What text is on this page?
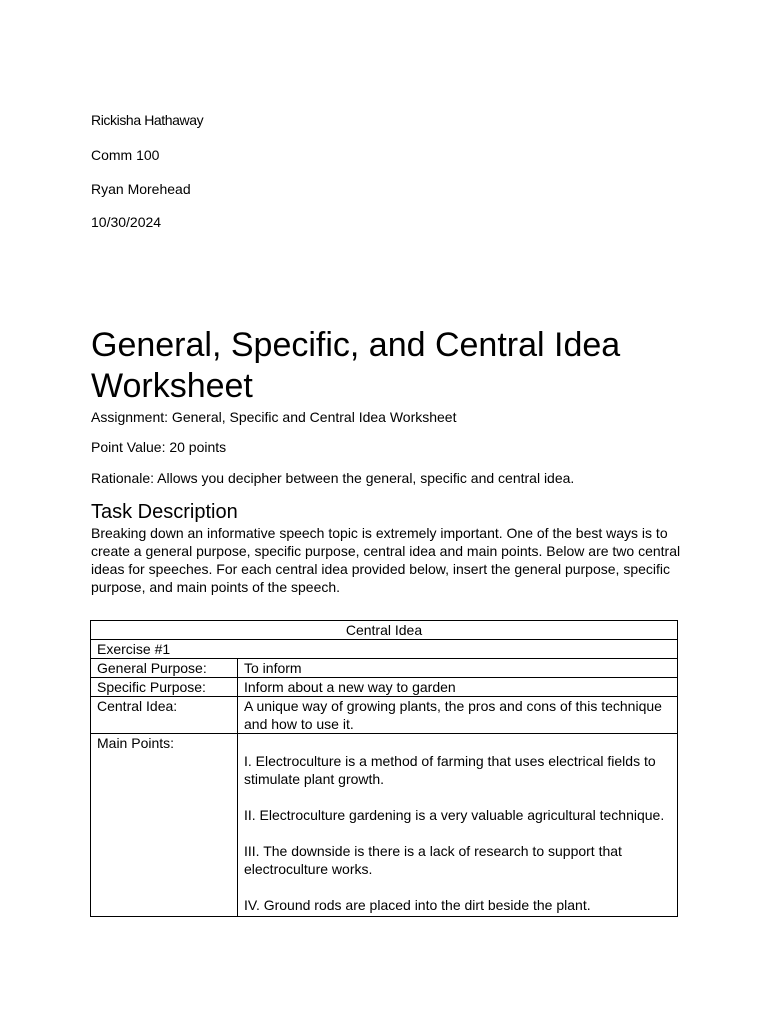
Rickisha Hathaway

Comm 100

Ryan Morehead

10/30/2024

General, Specific, and Central Idea Worksheet

Assignment: General, Specific and Central Idea Worksheet

Point Value: 20 points

Rationale: Allows you decipher between the general, specific and central idea.

Task Description

Breaking down an informative speech topic is extremely important. One of the best ways is to create a general purpose, specific purpose, central idea and main points. Below are two central ideas for speeches. For each central idea provided below, insert the general purpose, specific purpose, and main points of the speech.

Central Idea	
Exercise #1	
General Purpose:	To inform
Specific Purpose:	Inform about a new way to garden
Central Idea:	A unique way of growing plants, the pros and cons of this technique and how to use it.
Main Points:	I. Electroculture is a method of farming that uses electrical fields to stimulate plant growth.

II. Electroculture gardening is a very valuable agricultural technique.

III. The downside is there is a lack of research to support that electroculture works.

IV. Ground rods are placed into the dirt beside the plant.
